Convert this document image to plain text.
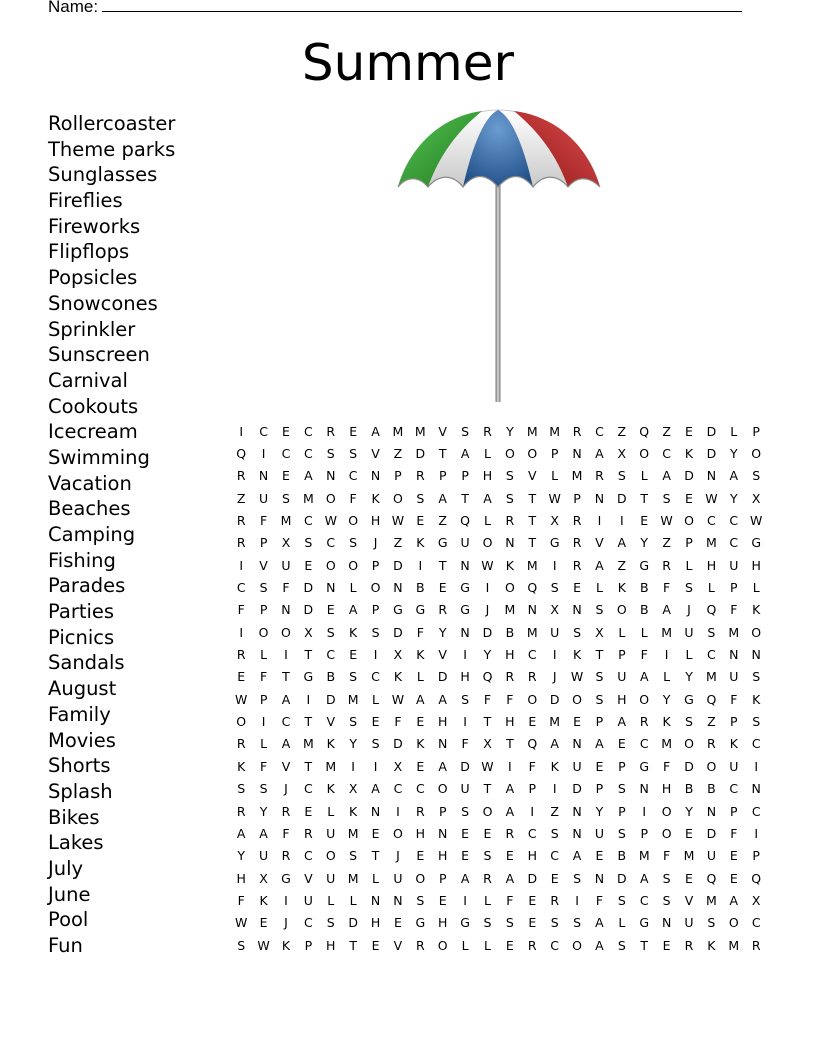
Name:
Summer
Rollercoaster
Theme parks
Sunglasses
Fireflies
Fireworks
Flipflops
Popsicles
Snowcones
Sprinkler
Sunscreen
Carnival
Cookouts
Icecream
Swimming
Vacation
Beaches
Camping
Fishing
Parades
Parties
Picnics
Sandals
August
Family
Movies
Shorts
Splash
Bikes
Lakes
July
June
Pool
Fun
I	C	E	C	R	E	A	M	M	V	S	R	Y	M	M	R	C	Z	Q	Z	E	D	L	P
Q	I	C	C	S	S	V	Z	D	T	A	L	O	O	P	N	A	X	O	C	K	D	Y	O
R	N	E	A	N	C	N	P	R	P	P	H	S	V	L	M	R	S	L	A	D	N	A	S
Z	U	S	M	O	F	K	O	S	A	T	A	S	T	W	P	N	D	T	S	E	W	Y	X
R	F	M	C	W	O	H	W	E	Z	Q	L	R	T	X	R	I	I	E	W	O	C	C	W
R	P	X	S	C	S	J	Z	K	G	U	O	N	T	G	R	V	A	Y	Z	P	M	C	G
I	V	U	E	O	O	P	D	I	T	N	W	K	M	I	R	A	Z	G	R	L	H	U	H
C	S	F	D	N	L	O	N	B	E	G	I	O	Q	S	E	L	K	B	F	S	L	P	L
F	P	N	D	E	A	P	G	G	R	G	J	M	N	X	N	S	O	B	A	J	Q	F	K
I	O	O	X	S	K	S	D	F	Y	N	D	B	M	U	S	X	L	L	M	U	S	M	O
R	L	I	T	C	E	I	X	K	V	I	Y	H	C	I	K	T	P	F	I	L	C	N	N
E	F	T	G	B	S	C	K	L	D	H	Q	R	R	J	W	S	U	A	L	Y	M	U	S
W	P	A	I	D	M	L	W	A	A	S	F	F	O	D	O	S	H	O	Y	G	Q	F	K
O	I	C	T	V	S	E	F	E	H	I	T	H	E	M	E	P	A	R	K	S	Z	P	S
R	L	A	M	K	Y	S	D	K	N	F	X	T	Q	A	N	A	E	C	M	O	R	K	C
K	F	V	T	M	I	I	X	E	A	D	W	I	F	K	U	E	P	G	F	D	O	U	I
S	S	J	C	K	X	A	C	C	O	U	T	A	P	I	D	P	S	N	H	B	B	C	N
R	Y	R	E	L	K	N	I	R	P	S	O	A	I	Z	N	Y	P	I	O	Y	N	P	C
A	A	F	R	U	M	E	O	H	N	E	E	R	C	S	N	U	S	P	O	E	D	F	I
Y	U	R	C	O	S	T	J	E	H	E	S	E	H	C	A	E	B	M	F	M	U	E	P
H	X	G	V	U	M	L	U	O	P	A	R	A	D	E	S	N	D	A	S	E	Q	E	Q
F	K	I	U	L	L	N	N	S	E	I	L	F	E	R	I	F	S	C	S	V	M	A	X
W	E	J	C	S	D	H	E	G	H	G	S	S	E	S	S	A	L	G	N	U	S	O	C
S	W	K	P	H	T	E	V	R	O	L	L	E	R	C	O	A	S	T	E	R	K	M	R
